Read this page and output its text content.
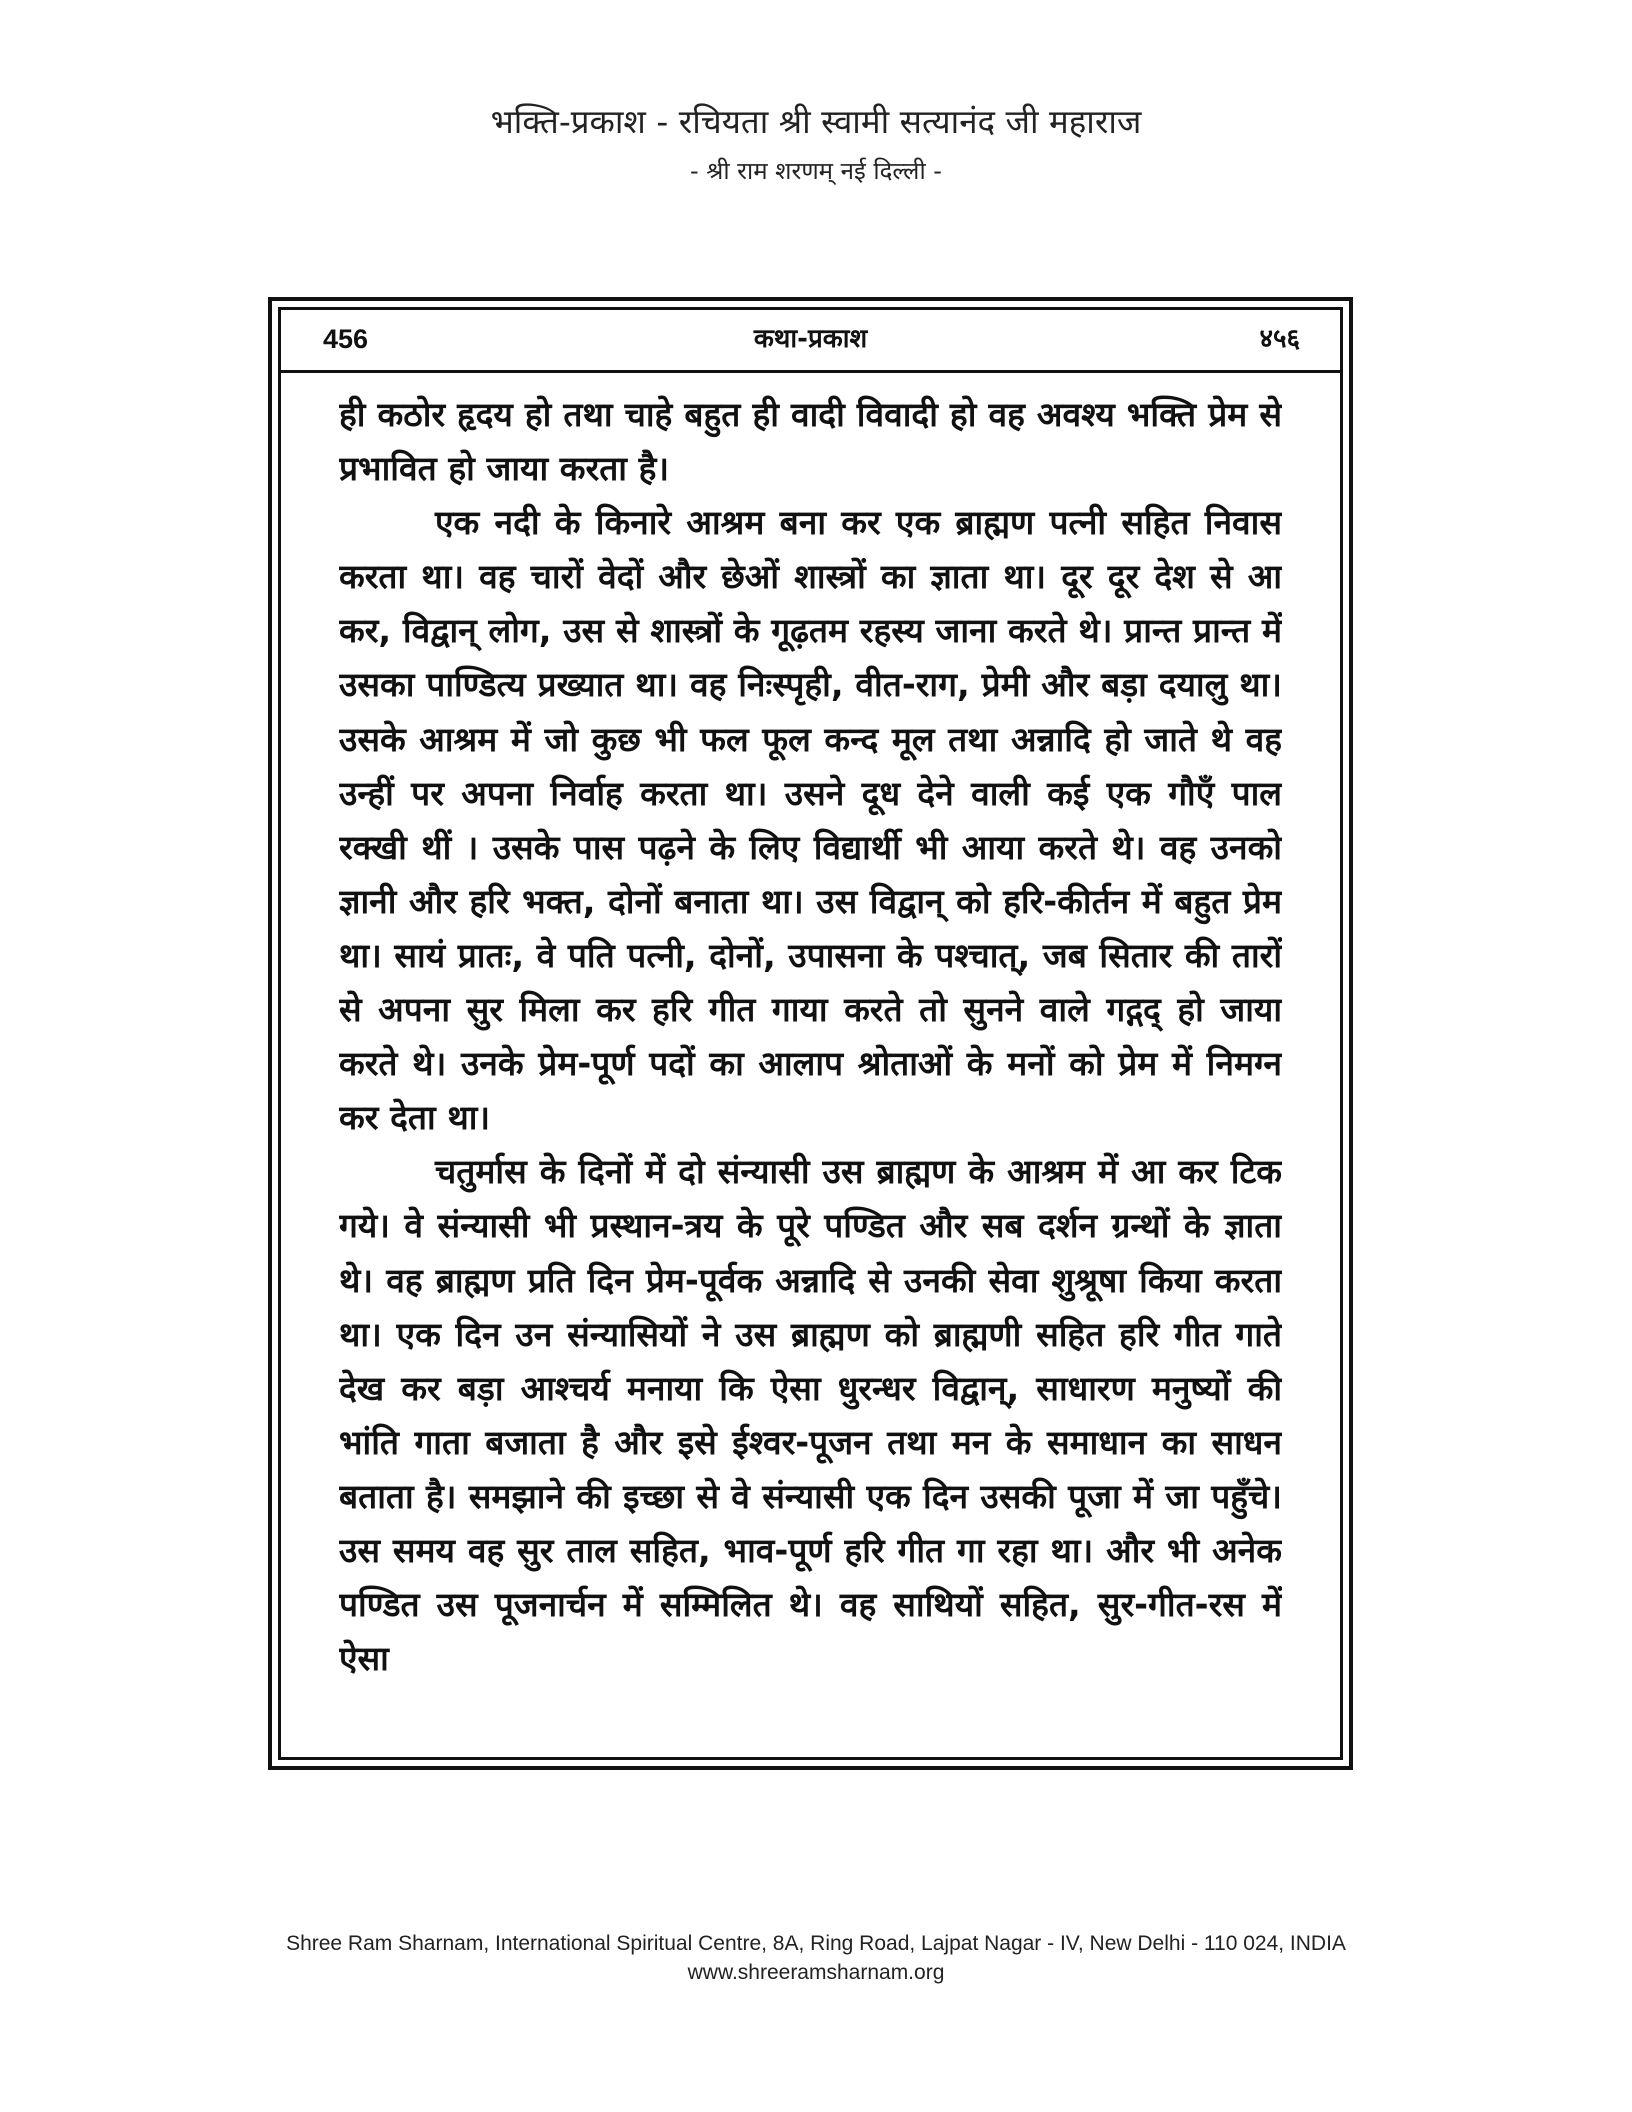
भक्ति-प्रकाश - रचियता श्री स्वामी सत्यानंद जी महाराज
- श्री राम शरणम् नई दिल्ली -
456	कथा-प्रकाश	४५६

ही कठोर हृदय हो तथा चाहे बहुत ही वादी विवादी हो वह अवश्य भक्ति प्रेम से प्रभावित हो जाया करता है।

एक नदी के किनारे आश्रम बना कर एक ब्राह्मण पत्नी सहित निवास करता था। वह चारों वेदों और छेओं शास्त्रों का ज्ञाता था। दूर दूर देश से आ कर, विद्वान् लोग, उस से शास्त्रों के गूढ़तम रहस्य जाना करते थे। प्रान्त प्रान्त में उसका पाण्डित्य प्रख्यात था। वह निःस्पृही, वीत-राग, प्रेमी और बड़ा दयालु था। उसके आश्रम में जो कुछ भी फल फूल कन्द मूल तथा अन्नादि हो जाते थे वह उन्हीं पर अपना निर्वाह करता था। उसने दूध देने वाली कई एक गौएँ पाल रक्खी थीं । उसके पास पढ़ने के लिए विद्यार्थी भी आया करते थे। वह उनको ज्ञानी और हरि भक्त, दोनों बनाता था। उस विद्वान् को हरि-कीर्तन में बहुत प्रेम था। सायं प्रातः, वे पति पत्नी, दोनों, उपासना के पश्चात्, जब सितार की तारों से अपना सुर मिला कर हरि गीत गाया करते तो सुनने वाले गद्गद् हो जाया करते थे। उनके प्रेम-पूर्ण पदों का आलाप श्रोताओं के मनों को प्रेम में निमग्न कर देता था।

चतुर्मास के दिनों में दो संन्यासी उस ब्राह्मण के आश्रम में आ कर टिक गये। वे संन्यासी भी प्रस्थान-त्रय के पूरे पण्डित और सब दर्शन ग्रन्थों के ज्ञाता थे। वह ब्राह्मण प्रति दिन प्रेम-पूर्वक अन्नादि से उनकी सेवा शुश्रूषा किया करता था। एक दिन उन संन्यासियों ने उस ब्राह्मण को ब्राह्मणी सहित हरि गीत गाते देख कर बड़ा आश्चर्य मनाया कि ऐसा धुरन्धर विद्वान्, साधारण मनुष्यों की भांति गाता बजाता है और इसे ईश्वर-पूजन तथा मन के समाधान का साधन बताता है। समझाने की इच्छा से वे संन्यासी एक दिन उसकी पूजा में जा पहुँचे। उस समय वह सुर ताल सहित, भाव-पूर्ण हरि गीत गा रहा था। और भी अनेक पण्डित उस पूजनार्चन में सम्मिलित थे। वह साथियों सहित, सुर-गीत-रस में ऐसा

Shree Ram Sharnam, International Spiritual Centre, 8A, Ring Road, Lajpat Nagar - IV, New Delhi - 110 024, INDIA
www.shreeramsharnam.org
